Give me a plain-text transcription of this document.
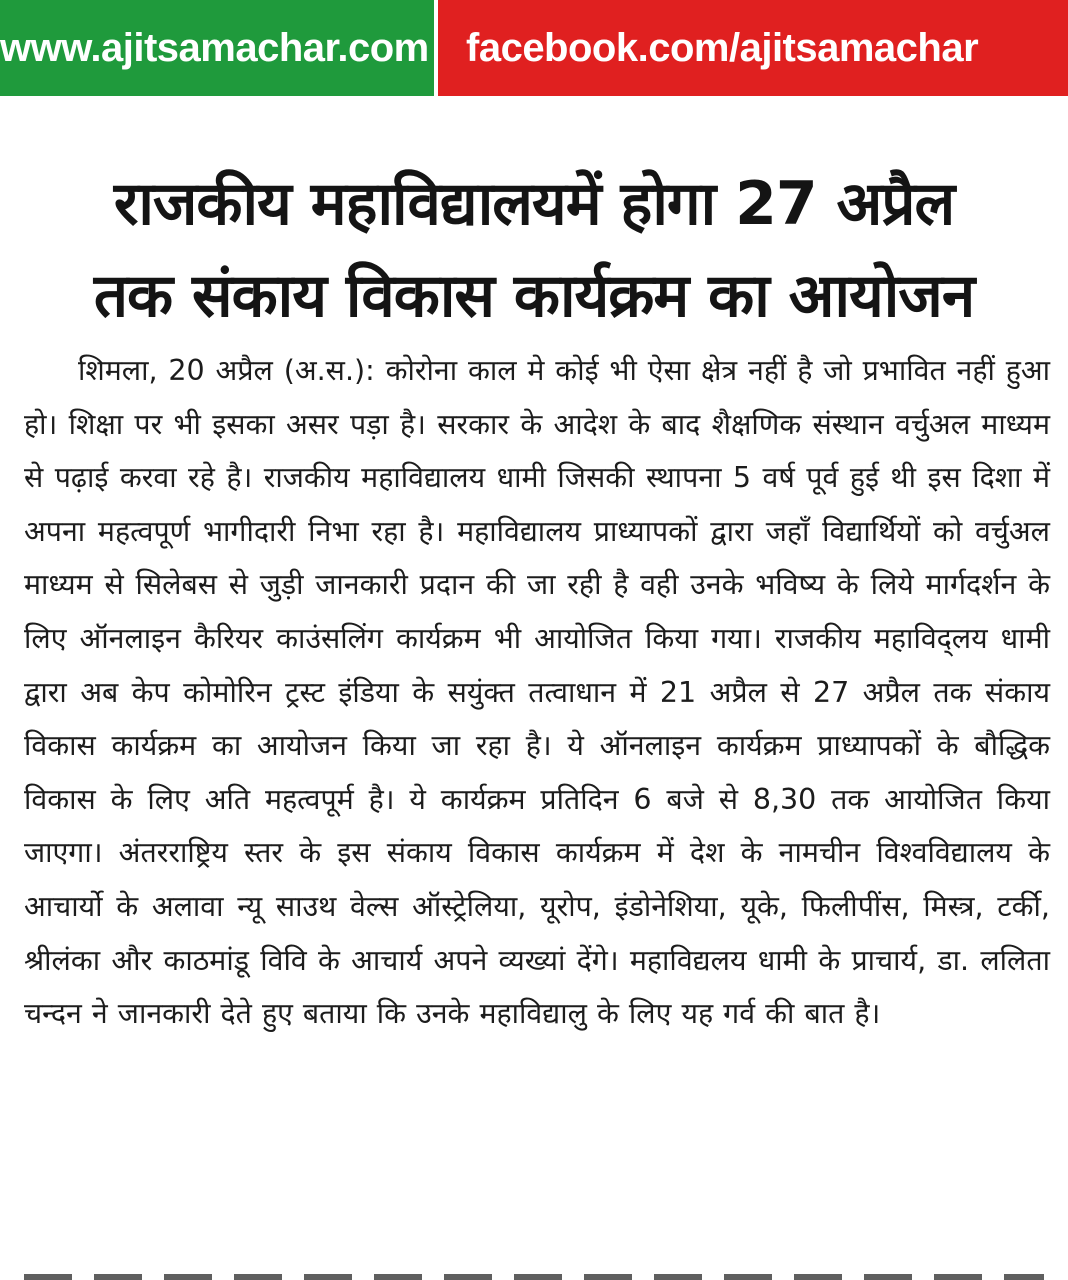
www.ajitsamachar.com facebook.com/ajitsamachar
राजकीय महाविद्यालयमें होगा 27 अप्रैल
तक संकाय विकास कार्यक्रम का आयोजन

शिमला, 20 अप्रैल (अ.स.): कोरोना काल मे कोई भी ऐसा क्षेत्र नहीं है जो प्रभावित नहीं हुआ हो। शिक्षा पर भी इसका असर पड़ा है। सरकार के आदेश के बाद शैक्षणिक संस्थान वर्चुअल माध्यम से पढ़ाई करवा रहे है। राजकीय महाविद्यालय धामी जिसकी स्थापना 5 वर्ष पूर्व हुई थी इस दिशा में अपना महत्वपूर्ण भागीदारी निभा रहा है। महाविद्यालय प्राध्यापकों द्वारा जहाँ विद्यार्थियों को वर्चुअल माध्यम से सिलेबस से जुड़ी जानकारी प्रदान की जा रही है वही उनके भविष्य के लिये मार्गदर्शन के लिए ऑनलाइन कैरियर काउंसलिंग कार्यक्रम भी आयोजित किया गया। राजकीय महाविद्लय धामी द्वारा अब केप कोमोरिन ट्रस्ट इंडिया के सयुंक्त तत्वाधान में 21 अप्रैल से 27 अप्रैल तक संकाय विकास कार्यक्रम का आयोजन किया जा रहा है। ये ऑनलाइन कार्यक्रम प्राध्यापकों के बौद्धिक विकास के लिए अति महत्वपूर्म है। ये कार्यक्रम प्रतिदिन 6 बजे से 8,30 तक आयोजित किया जाएगा। अंतरराष्ट्रिय स्तर के इस संकाय विकास कार्यक्रम में देश के नामचीन विश्वविद्यालय के आचार्यो के अलावा न्यू साउथ वेल्स ऑस्ट्रेलिया, यूरोप, इंडोनेशिया, यूके, फिलीपींस, मिस्त्र, टर्की, श्रीलंका और काठमांडू विवि के आचार्य अपने व्यख्यां देंगे। महाविद्यलय धामी के प्राचार्य, डा. ललिता चन्दन ने जानकारी देते हुए बताया कि उनके महाविद्यालु के लिए यह गर्व की बात है।
